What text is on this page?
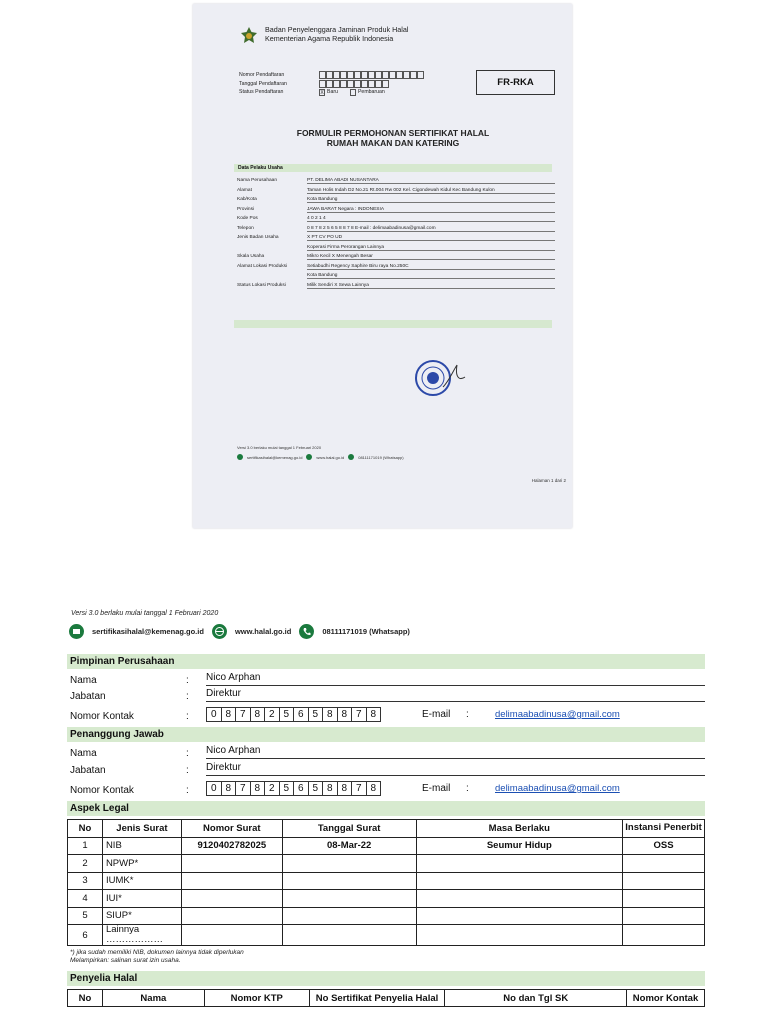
Badan Penyelenggara Jaminan Produk Halal
Kementerian Agama Republik Indonesia
Nomor Pendaftaran
Tanggal Pendaftaran
Status Pendaftaran	X Baru	Pembaruan
FR-RKA
FORMULIR PERMOHONAN SERTIFIKAT HALAL
RUMAH MAKAN DAN KATERING
Data Pelaku Usaha
Nama Perusahaan	PT. DELIMA ABADI NUSANTARA
Alamat	Taman Holis Indah D2 No.21 Rt.004 Rw 002 Kel. Cigondewah Kidul Kec Bandung Kulon
Kab/Kota	Kota Bandung
Provinsi	JAWA BARAT Negara : INDONESIA
Kode Pos	4 0 2 1 4
Telepon	0 8 7 8 2 5 6 5 8 8 7 8 E-mail : delimaabadinusa@gmail.com
Jenis Badan Usaha	X PT CV PO UD
Koperasi Firma Perorangan Lainnya
Skala Usaha	Mikro Kecil X Menengah Besar
Alamat Lokasi Produksi	Setiabudhi Regency Saphire Biru raya No.250C
Kota Bandung
Status Lokasi Produksi	Milik Sendiri X Sewa Lainnya
Versi 3.0 berlaku mulai tanggal 1 Februari 2020
sertifikasihalal@kemenag.go.id	www.halal.go.id	08111171019 (Whatsapp)
Halaman 1 dari 2
Versi 3.0 berlaku mulai tanggal 1 Februari 2020
sertifikasihalal@kemenag.go.id	www.halal.go.id	08111171019 (Whatsapp)
Pimpinan Perusahaan
Nama	:	Nico Arphan
Jabatan	:	Direktur
Nomor Kontak	:	0 8 7 8 2 5 6 5 8 8 7 8	E-mail :	delimaabadinusa@gmail.com
Penanggung Jawab
Nama	:	Nico Arphan
Jabatan	:	Direktur
Nomor Kontak	:	0 8 7 8 2 5 6 5 8 8 7 8	E-mail :	delimaabadinusa@gmail.com
Aspek Legal
No	Jenis Surat	Nomor Surat	Tanggal Surat	Masa Berlaku	Instansi Penerbit
1	NIB	9120402782025	08-Mar-22	Seumur Hidup	OSS
2	NPWP*				
3	IUMK*				
4	IUI*				
5	SIUP*				
6	Lainnya ………………				
*) jika sudah memiliki NIB, dokumen lainnya tidak diperlukan
Melampirkan: salinan surat izin usaha.
Penyelia Halal
No	Nama	Nomor KTP	No Sertifikat Penyelia Halal	No dan Tgl SK	Nomor Kontak
